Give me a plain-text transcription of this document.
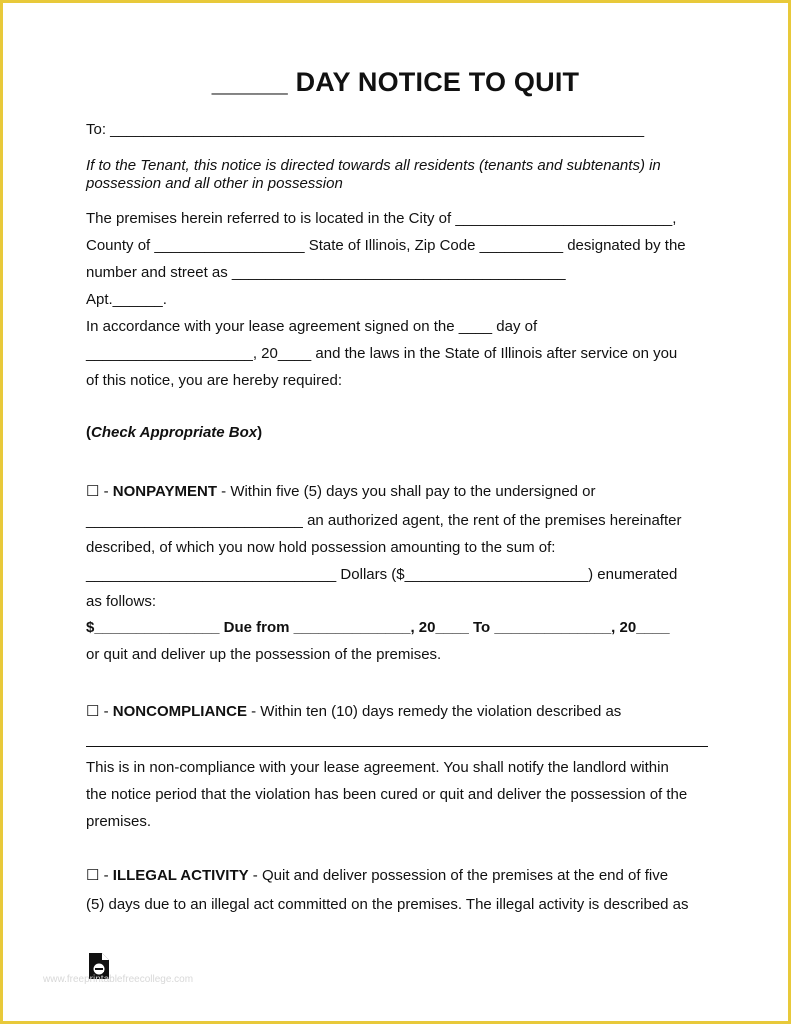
_____ DAY NOTICE TO QUIT
To: ________________________________________________________________
If to the Tenant, this notice is directed towards all residents (tenants and subtenants) in
possession and all other in possession
The premises herein referred to is located in the City of __________________________,
County of __________________ State of Illinois, Zip Code __________ designated by the
number and street as ________________________________________
Apt.______.
In accordance with your lease agreement signed on the ____ day of
____________________, 20____ and the laws in the State of Illinois after service on you
of this notice, you are hereby required:
(Check Appropriate Box)
☐ - NONPAYMENT - Within five (5) days you shall pay to the undersigned or
__________________________ an authorized agent, the rent of the premises hereinafter
described, of which you now hold possession amounting to the sum of:
______________________________ Dollars ($______________________) enumerated
as follows:
$_______________ Due from ______________, 20____ To ______________, 20____
or quit and deliver up the possession of the premises.
☐ - NONCOMPLIANCE - Within ten (10) days remedy the violation described as
This is in non-compliance with your lease agreement. You shall notify the landlord within
the notice period that the violation has been cured or quit and deliver the possession of the
premises.
☐ - ILLEGAL ACTIVITY - Quit and deliver possession of the premises at the end of five
(5) days due to an illegal act committed on the premises. The illegal activity is described as
www.freeprintablefreecollege.com
